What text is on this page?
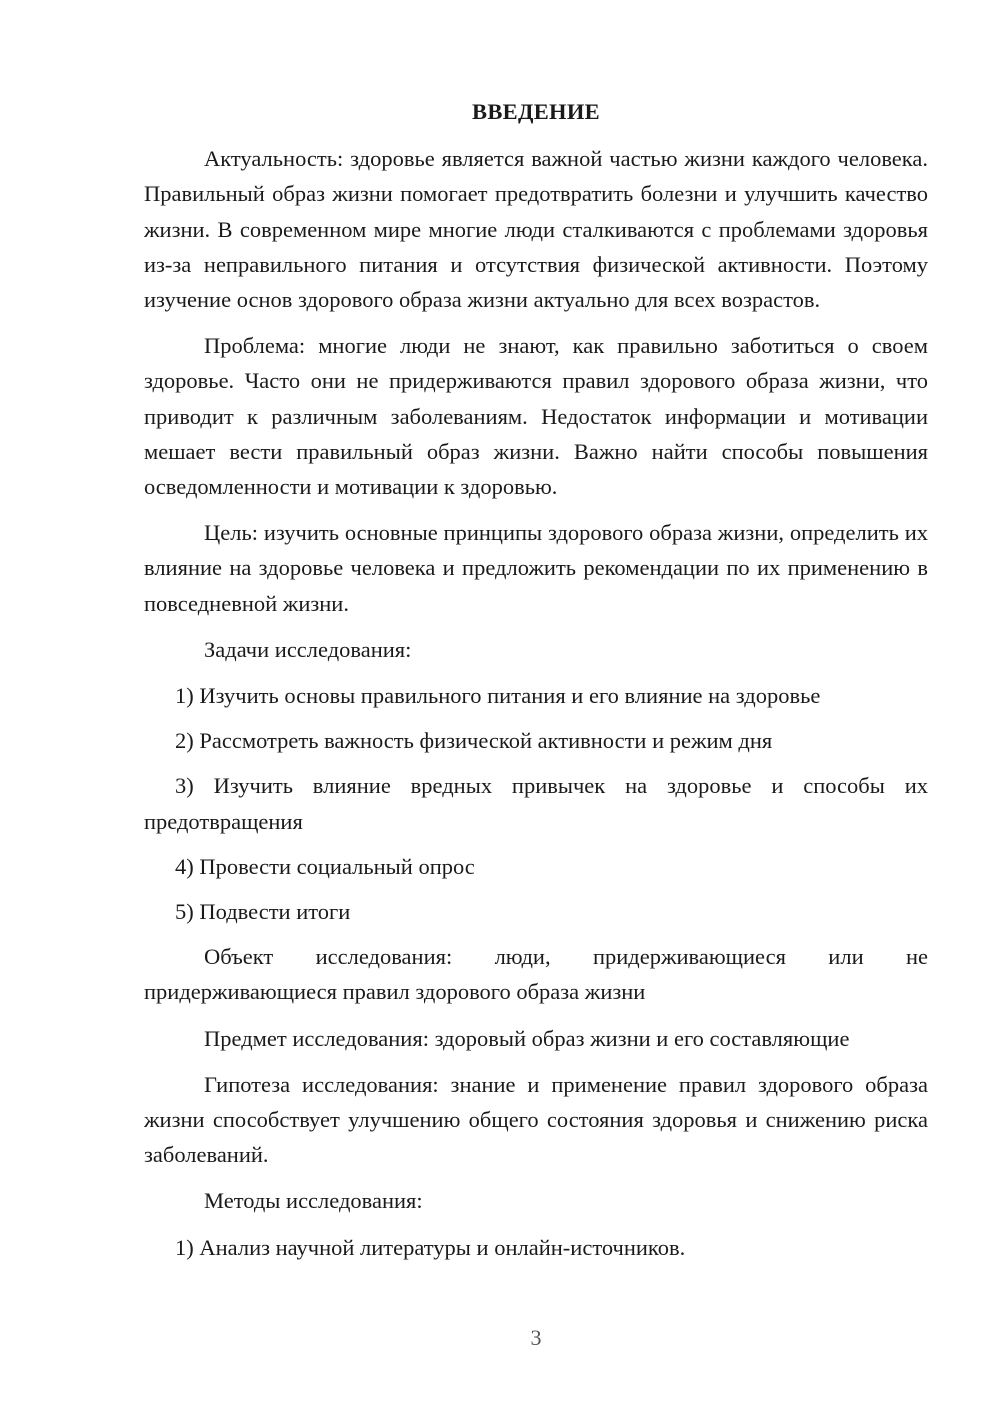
ВВЕДЕНИЕ

Актуальность: здоровье является важной частью жизни каждого человека. Правильный образ жизни помогает предотвратить болезни и улучшить качество жизни. В современном мире многие люди сталкиваются с проблемами здоровья из-за неправильного питания и отсутствия физической активности. Поэтому изучение основ здорового образа жизни актуально для всех возрастов.

Проблема: многие люди не знают, как правильно заботиться о своем здоровье. Часто они не придерживаются правил здорового образа жизни, что приводит к различным заболеваниям. Недостаток информации и мотивации мешает вести правильный образ жизни. Важно найти способы повышения осведомленности и мотивации к здоровью.

Цель: изучить основные принципы здорового образа жизни, определить их влияние на здоровье человека и предложить рекомендации по их применению в повседневной жизни.

Задачи исследования:

1) Изучить основы правильного питания и его влияние на здоровье

2) Рассмотреть важность физической активности и режим дня

3) Изучить влияние вредных привычек на здоровье и способы их предотвращения

4) Провести социальный опрос

5) Подвести итоги

Объект исследования: люди, придерживающиеся или не придерживающиеся правил здорового образа жизни

Предмет исследования: здоровый образ жизни и его составляющие

Гипотеза исследования: знание и применение правил здорового образа жизни способствует улучшению общего состояния здоровья и снижению риска заболеваний.

Методы исследования:

1) Анализ научной литературы и онлайн-источников.

3
